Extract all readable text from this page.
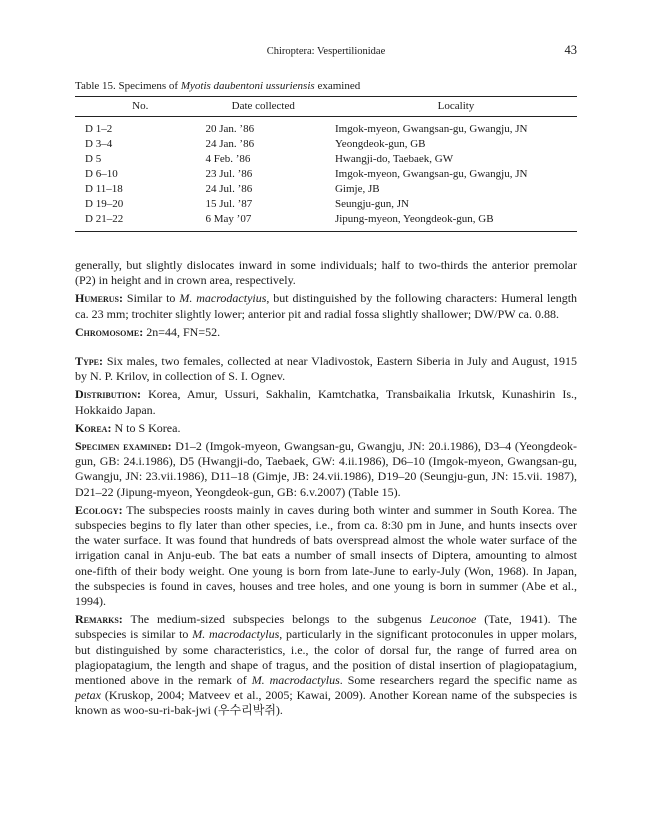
Chiroptera: Vespertilionidae	43

Table 15. Specimens of Myotis daubentoni ussuriensis examined

No.	Date collected	Locality
D 1–2	20 Jan. ’86	Imgok-myeon, Gwangsan-gu, Gwangju, JN
D 3–4	24 Jan. ’86	Yeongdeok-gun, GB
D 5	4 Feb. ’86	Hwangji-do, Taebaek, GW
D 6–10	23 Jul. ’86	Imgok-myeon, Gwangsan-gu, Gwangju, JN
D 11–18	24 Jul. ’86	Gimje, JB
D 19–20	15 Jul. ’87	Seungju-gun, JN
D 21–22	6 May ’07	Jipung-myeon, Yeongdeok-gun, GB

generally, but slightly dislocates inward in some individuals; half to two-thirds the anterior premolar (P2) in height and in crown area, respectively.

Humerus: Similar to M. macrodactyius, but distinguished by the following characters: Humeral length ca. 23 mm; trochiter slightly lower; anterior pit and radial fossa slightly shallower; DW/PW ca. 0.88.

Chromosome: 2n=44, FN=52.

Type: Six males, two females, collected at near Vladivostok, Eastern Siberia in July and August, 1915 by N. P. Krilov, in collection of S. I. Ognev.

Distribution: Korea, Amur, Ussuri, Sakhalin, Kamtchatka, Transbaikalia Irkutsk, Kunashirin Is., Hokkaido Japan.

Korea: N to S Korea.

Specimen examined: D1–2 (Imgok-myeon, Gwangsan-gu, Gwangju, JN: 20.i.1986), D3–4 (Yeongdeok-gun, GB: 24.i.1986), D5 (Hwangji-do, Taebaek, GW: 4.ii.1986), D6–10 (Imgok-myeon, Gwangsan-gu, Gwangju, JN: 23.vii.1986), D11–18 (Gimje, JB: 24.vii.1986), D19–20 (Seungju-gun, JN: 15.vii. 1987), D21–22 (Jipung-myeon, Yeongdeok-gun, GB: 6.v.2007) (Table 15).

Ecology: The subspecies roosts mainly in caves during both winter and summer in South Korea. The subspecies begins to fly later than other species, i.e., from ca. 8:30 pm in June, and hunts insects over the water surface. It was found that hundreds of bats overspread almost the whole water surface of the irrigation canal in Anju-eub. The bat eats a number of small insects of Diptera, amounting to almost one-fifth of their body weight. One young is born from late-June to early-July (Won, 1968). In Japan, the subspecies is found in caves, houses and tree holes, and one young is born in summer (Abe et al., 1994).

Remarks: The medium-sized subspecies belongs to the subgenus Leuconoe (Tate, 1941). The subspecies is similar to M. macrodactylus, particularly in the significant protoconules in upper molars, but distinguished by some characteristics, i.e., the color of dorsal fur, the range of furred area on plagiopatagium, the length and shape of tragus, and the position of distal insertion of plagiopatagium, mentioned above in the remark of M. macrodactylus. Some researchers regard the specific name as petax (Kruskop, 2004; Matveev et al., 2005; Kawai, 2009). Another Korean name of the subspecies is known as woo-su-ri-bak-jwi (우수리박쥐).
